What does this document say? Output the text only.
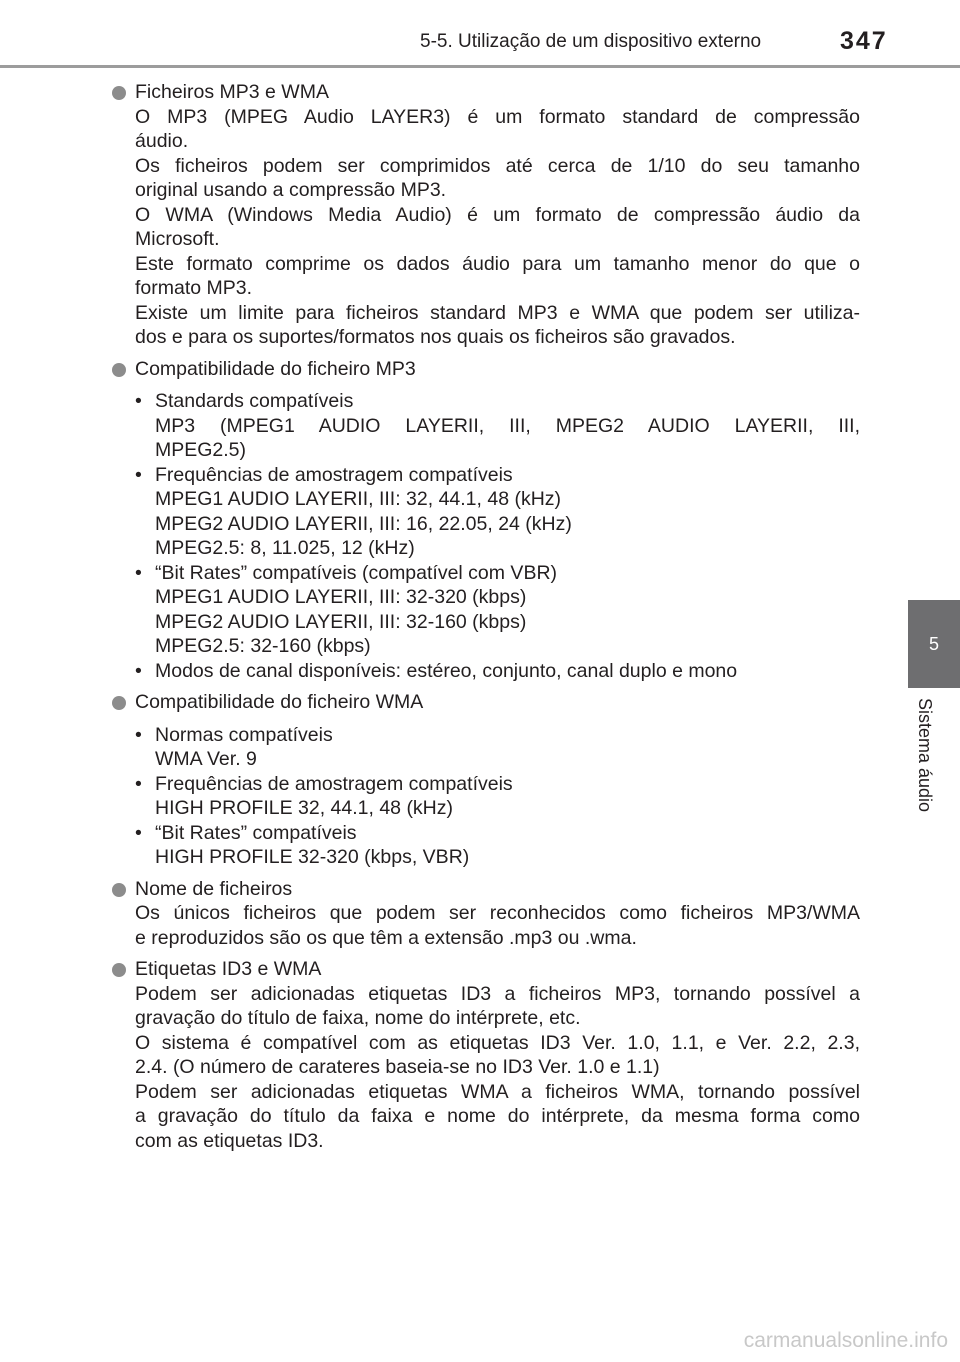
5-5. Utilização de um dispositivo externo	347
5
Sistema áudio
Ficheiros MP3 e WMA
O MP3 (MPEG Audio LAYER3) é um formato standard de compressão
áudio.
Os ficheiros podem ser comprimidos até cerca de 1/10 do seu tamanho
original usando a compressão MP3.
O WMA (Windows Media Audio) é um formato de compressão áudio da
Microsoft.
Este formato comprime os dados áudio para um tamanho menor do que o
formato MP3.
Existe um limite para ficheiros standard MP3 e WMA que podem ser utiliza-
dos e para os suportes/formatos nos quais os ficheiros são gravados.
Compatibilidade do ficheiro MP3
• Standards compatíveis
MP3 (MPEG1 AUDIO LAYERII, III, MPEG2 AUDIO LAYERII, III,
MPEG2.5)
• Frequências de amostragem compatíveis
MPEG1 AUDIO LAYERII, III: 32, 44.1, 48 (kHz)
MPEG2 AUDIO LAYERII, III: 16, 22.05, 24 (kHz)
MPEG2.5: 8, 11.025, 12 (kHz)
• “Bit Rates” compatíveis (compatível com VBR)
MPEG1 AUDIO LAYERII, III: 32-320 (kbps)
MPEG2 AUDIO LAYERII, III: 32-160 (kbps)
MPEG2.5: 32-160 (kbps)
• Modos de canal disponíveis: estéreo, conjunto, canal duplo e mono
Compatibilidade do ficheiro WMA
• Normas compatíveis
WMA Ver. 9
• Frequências de amostragem compatíveis
HIGH PROFILE 32, 44.1, 48 (kHz)
• “Bit Rates” compatíveis
HIGH PROFILE 32-320 (kbps, VBR)
Nome de ficheiros
Os únicos ficheiros que podem ser reconhecidos como ficheiros MP3/WMA
e reproduzidos são os que têm a extensão .mp3 ou .wma.
Etiquetas ID3 e WMA
Podem ser adicionadas etiquetas ID3 a ficheiros MP3, tornando possível a
gravação do título de faixa, nome do intérprete, etc.
O sistema é compatível com as etiquetas ID3 Ver. 1.0, 1.1, e Ver. 2.2, 2.3,
2.4. (O número de carateres baseia-se no ID3 Ver. 1.0 e 1.1)
Podem ser adicionadas etiquetas WMA a ficheiros WMA, tornando possível
a gravação do título da faixa e nome do intérprete, da mesma forma como
com as etiquetas ID3.
carmanualsonline.info
